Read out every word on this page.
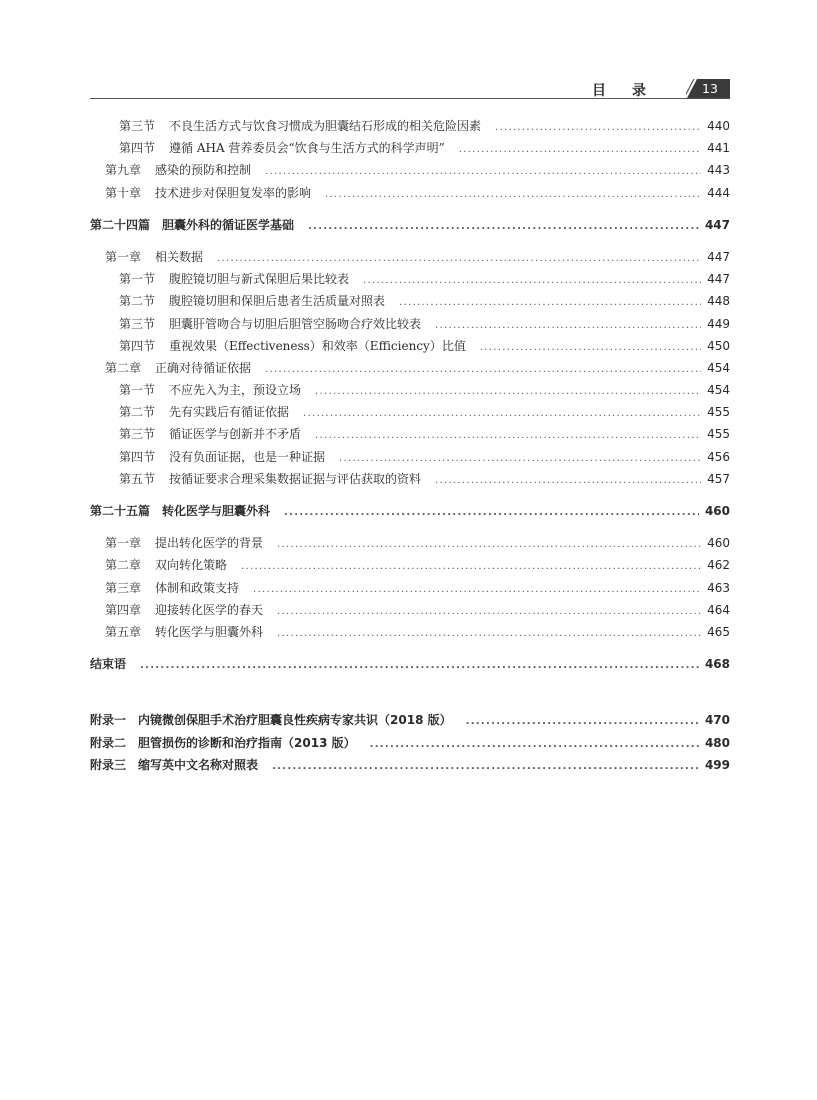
目录	13
第三节 不良生活方式与饮食习惯成为胆囊结石形成的相关危险因素 .....	440
第四节 遵循 AHA 营养委员会“饮食与生活方式的科学声明” .....	441
第九章 感染的预防和控制 .....	443
第十章 技术进步对保胆复发率的影响 .....	444
第二十四篇 胆囊外科的循证医学基础 .....	447
第一章 相关数据 .....	447
第一节 腹腔镜切胆与新式保胆后果比较表 .....	447
第二节 腹腔镜切胆和保胆后患者生活质量对照表 .....	448
第三节 胆囊肝管吻合与切胆后胆管空肠吻合疗效比较表 .....	449
第四节 重视效果（Effectiveness）和效率（Efficiency）比值 .....	450
第二章 正确对待循证依据 .....	454
第一节 不应先入为主，预设立场 .....	454
第二节 先有实践后有循证依据 .....	455
第三节 循证医学与创新并不矛盾 .....	455
第四节 没有负面证据，也是一种证据 .....	456
第五节 按循证要求合理采集数据证据与评估获取的资料 .....	457
第二十五篇 转化医学与胆囊外科 .....	460
第一章 提出转化医学的背景 .....	460
第二章 双向转化策略 .....	462
第三章 体制和政策支持 .....	463
第四章 迎接转化医学的春天 .....	464
第五章 转化医学与胆囊外科 .....	465
结束语 .....	468
附录一 内镜微创保胆手术治疗胆囊良性疾病专家共识（2018 版） .....	470
附录二 胆管损伤的诊断和治疗指南（2013 版） .....	480
附录三 缩写英中文名称对照表 .....	499
